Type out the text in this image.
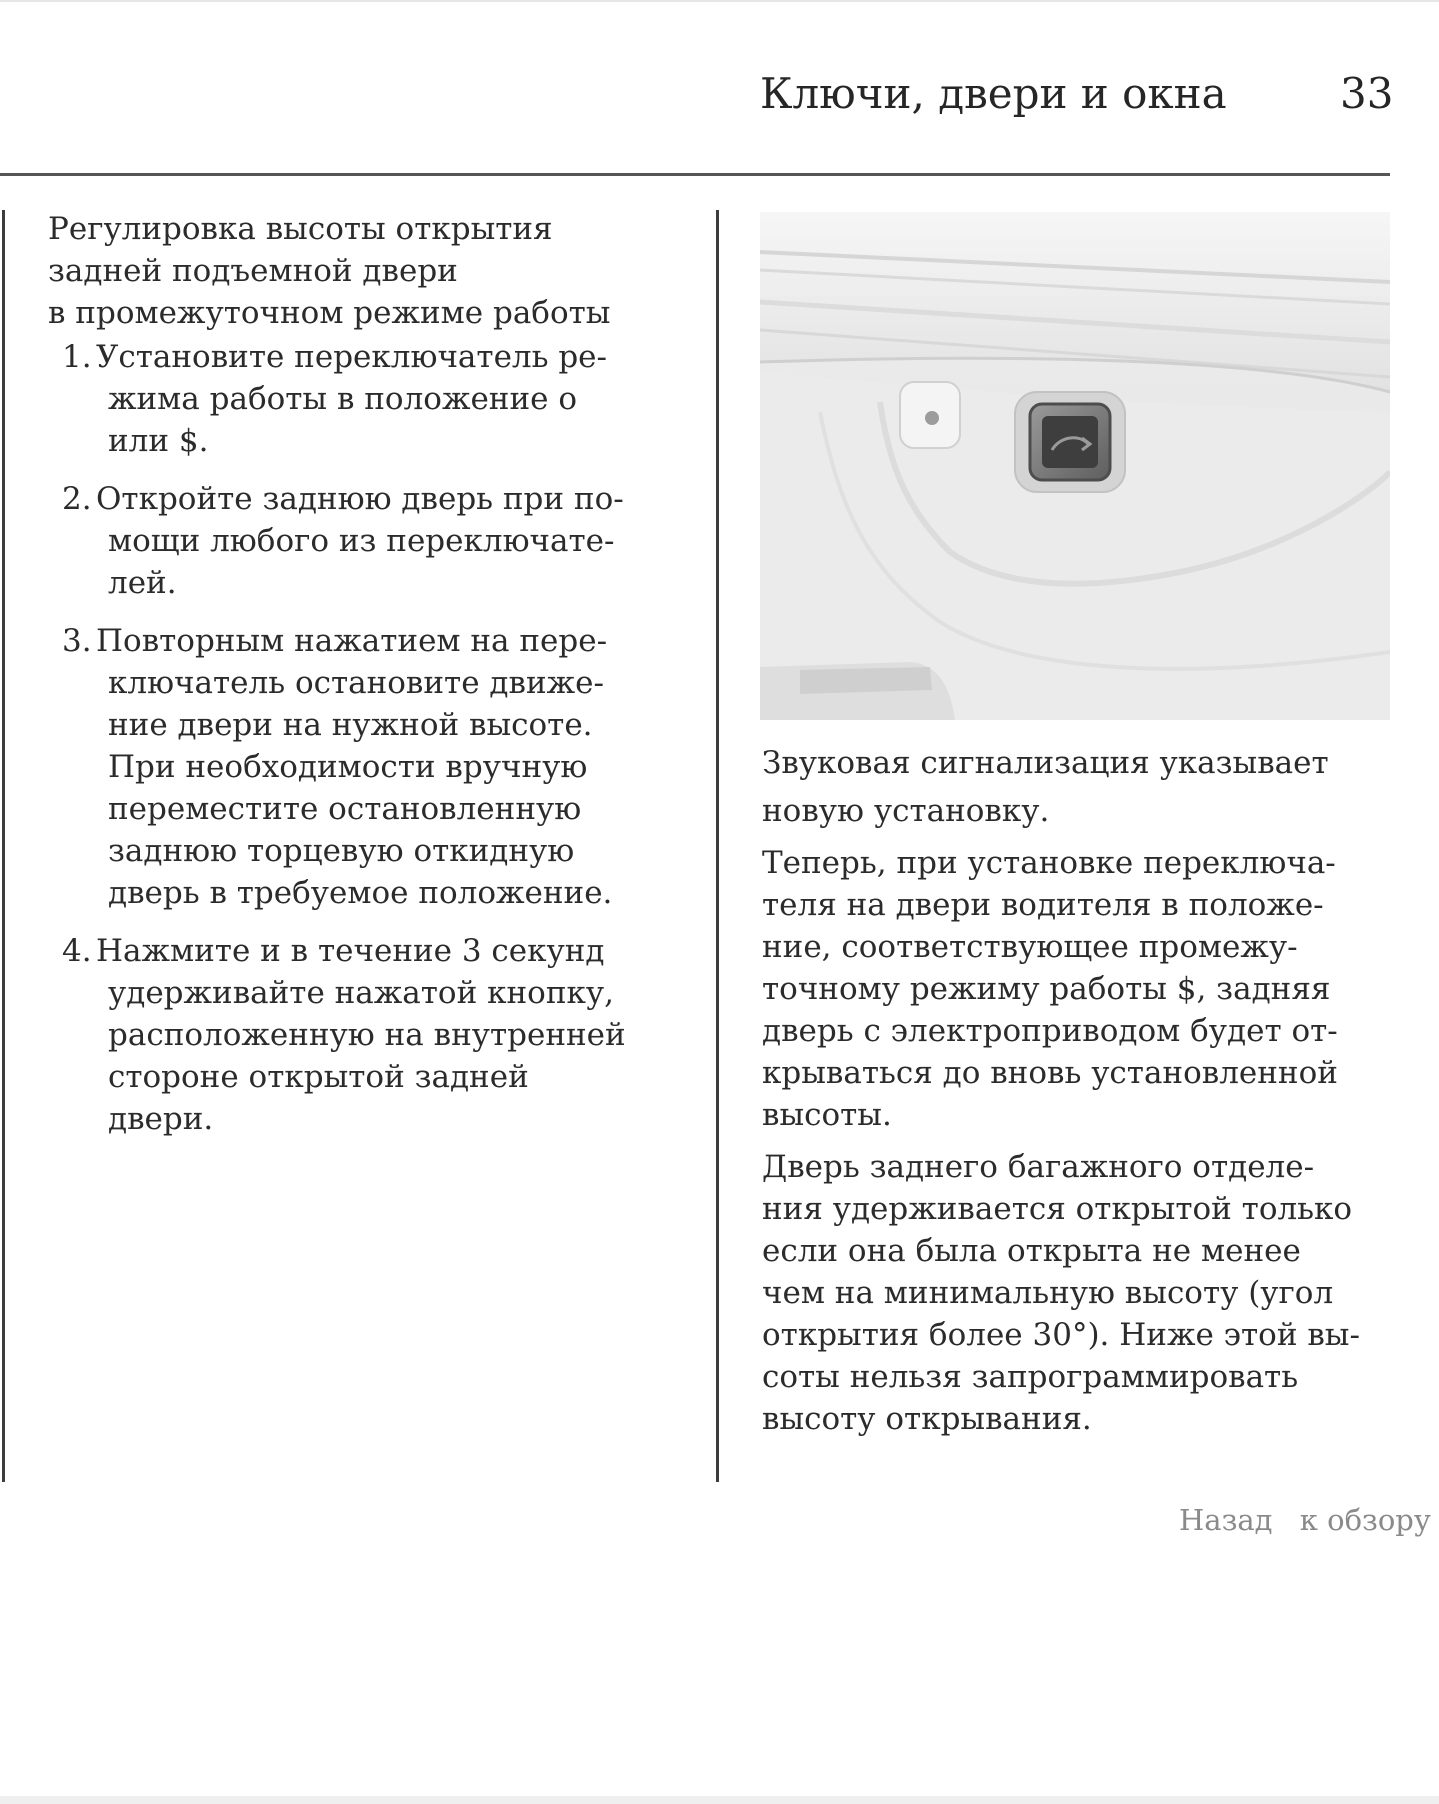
Ключи, двери и окна	33
Регулировка высоты открытия
задней подъемной двери
в промежуточном режиме работы
1. Установите переключатель ре-
жима работы в положение o
или $.
2. Откройте заднюю дверь при по-
мощи любого из переключате-
лей.
3. Повторным нажатием на пере-
ключатель остановите движе-
ние двери на нужной высоте.
При необходимости вручную
переместите остановленную
заднюю торцевую откидную
дверь в требуемое положение.
4. Нажмите и в течение 3 секунд
удерживайте нажатой кнопку,
расположенную на внутренней
стороне открытой задней
двери.

Звуковая сигнализация указывает
новую установку.

Теперь, при установке переключа-
теля на двери водителя в положе-
ние, соответствующее промежу-
точному режиму работы $, задняя
дверь с электроприводом будет от-
крываться до вновь установленной
высоты.

Дверь заднего багажного отделе-
ния удерживается открытой только
если она была открыта не менее
чем на минимальную высоту (угол
открытия более 30°). Ниже этой вы-
соты нельзя запрограммировать
высоту открывания.

Назад к обзору
